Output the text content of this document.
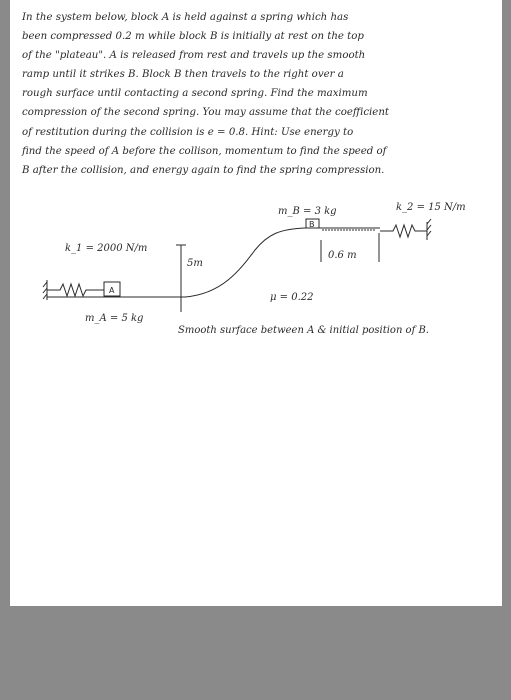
In the system below, block A is held against a spring which has
been compressed 0.2 m while block B is initially at rest on the top
of the "plateau". A is released from rest and travels up the smooth
ramp until it strikes B. Block B then travels to the right over a
rough surface until contacting a second spring. Find the maximum
compression of the second spring. You may assume that the coefficient
of restitution during the collision is e = 0.8. Hint: Use energy to
find the speed of A before the collison, momentum to find the speed of
B after the collision, and energy again to find the spring compression.
A
B
m_B = 3 kg	k_2 = 15 N/m
k_1 = 2000 N/m
5m
0.6 m
μ = 0.22
m_A = 5 kg
Smooth surface between A & initial position of B.
